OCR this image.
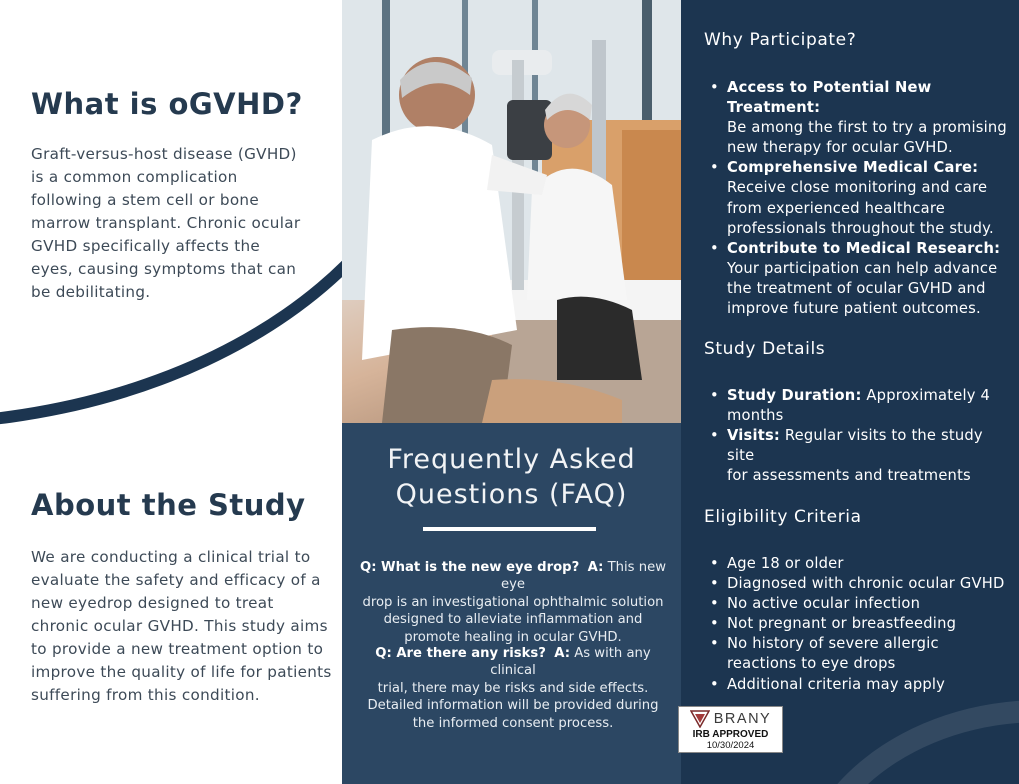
What is oGVHD?

Graft-versus-host disease (GVHD)
is a common complication
following a stem cell or bone
marrow transplant. Chronic ocular
GVHD specifically affects the
eyes, causing symptoms that can
be debilitating.

About the Study

We are conducting a clinical trial to
evaluate the safety and efficacy of a
new eyedrop designed to treat
chronic ocular GVHD. This study aims
to provide a new treatment option to
improve the quality of life for patients
suffering from this condition.

Frequently Asked
Questions (FAQ)

Q: What is the new eye drop? A: This new eye
drop is an investigational ophthalmic solution
designed to alleviate inflammation and
promote healing in ocular GVHD.

Q: Are there any risks? A: As with any clinical
trial, there may be risks and side effects.
Detailed information will be provided during
the informed consent process.

Why Participate?
• Access to Potential New Treatment:
Be among the first to try a promising
new therapy for ocular GVHD.
• Comprehensive Medical Care:
Receive close monitoring and care
from experienced healthcare
professionals throughout the study.
• Contribute to Medical Research:
Your participation can help advance
the treatment of ocular GVHD and
improve future patient outcomes.
Study Details
• Study Duration: Approximately 4
months
• Visits: Regular visits to the study site
for assessments and treatments
Eligibility Criteria
• Age 18 or older
• Diagnosed with chronic ocular GVHD
• No active ocular infection
• Not pregnant or breastfeeding
• No history of severe allergic
reactions to eye drops
• Additional criteria may apply
BRANY
IRB APPROVED
10/30/2024
